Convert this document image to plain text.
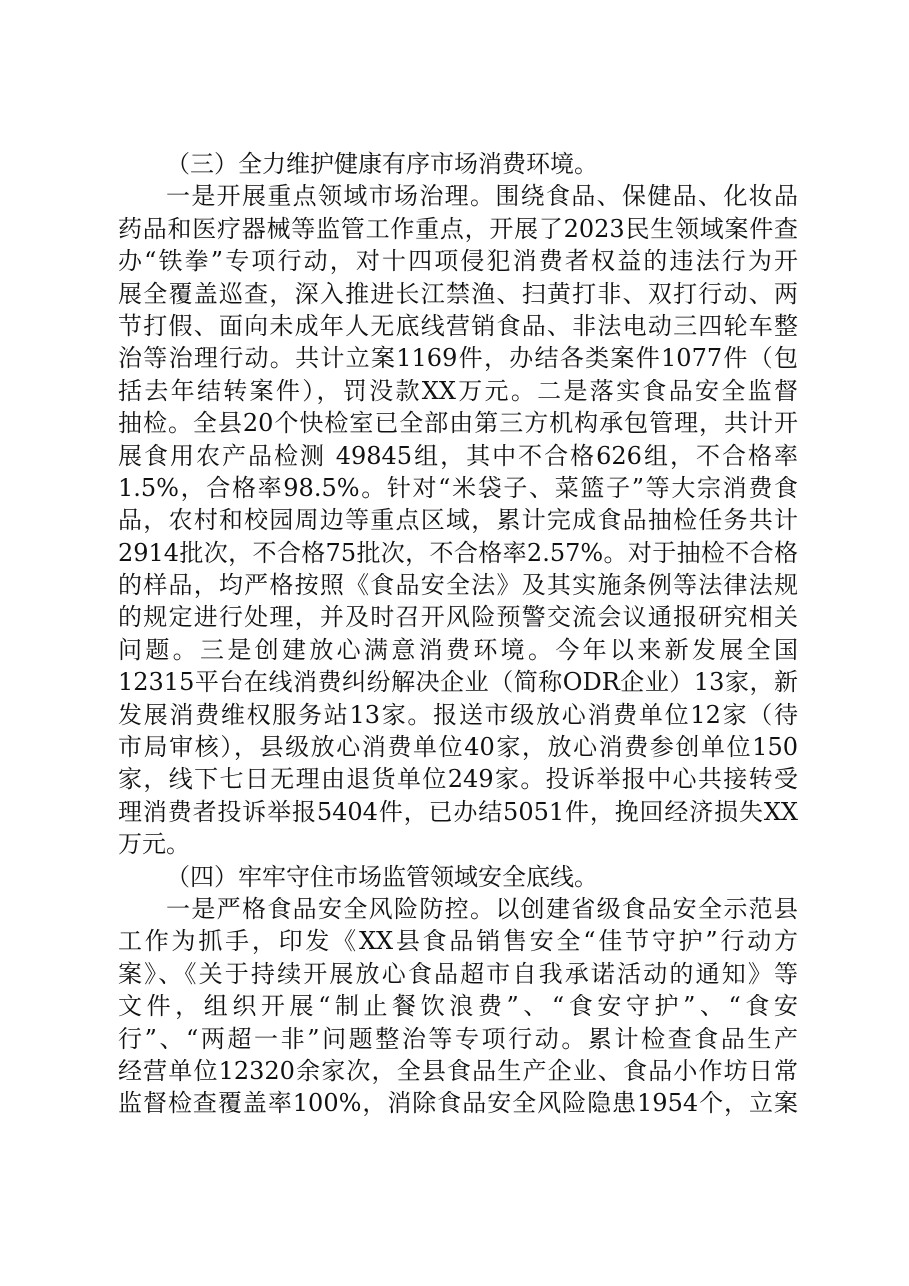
（三）全力维护健康有序市场消费环境。
一是开展重点领域市场治理。围绕食品、保健品、化妆品
药品和医疗器械等监管工作重点，开展了2023民生领域案件查
办“铁拳”专项行动，对十四项侵犯消费者权益的违法行为开
展全覆盖巡查，深入推进长江禁渔、扫黄打非、双打行动、两
节打假、面向未成年人无底线营销食品、非法电动三四轮车整
治等治理行动。共计立案1169件，办结各类案件1077件（包
括去年结转案件），罚没款XX万元。二是落实食品安全监督
抽检。全县20个快检室已全部由第三方机构承包管理，共计开
展食用农产品检测 49845组，其中不合格626组，不合格率
1.5%，合格率98.5%。针对“米袋子、菜篮子”等大宗消费食
品，农村和校园周边等重点区域，累计完成食品抽检任务共计
2914批次，不合格75批次，不合格率2.57%。对于抽检不合格
的样品，均严格按照《食品安全法》及其实施条例等法律法规
的规定进行处理，并及时召开风险预警交流会议通报研究相关
问题。三是创建放心满意消费环境。今年以来新发展全国
12315平台在线消费纠纷解决企业（简称ODR企业）13家，新
发展消费维权服务站13家。报送市级放心消费单位12家（待
市局审核），县级放心消费单位40家，放心消费参创单位150
家，线下七日无理由退货单位249家。投诉举报中心共接转受
理消费者投诉举报5404件，已办结5051件，挽回经济损失XX
万元。
（四）牢牢守住市场监管领域安全底线。
一是严格食品安全风险防控。以创建省级食品安全示范县
工作为抓手，印发《XX县食品销售安全“佳节守护”行动方
案》、《关于持续开展放心食品超市自我承诺活动的通知》等
文件，组织开展“制止餐饮浪费”、“食安守护”、“食安
行”、“两超一非”问题整治等专项行动。累计检查食品生产
经营单位12320余家次，全县食品生产企业、食品小作坊日常
监督检查覆盖率100%，消除食品安全风险隐患1954个，立案
